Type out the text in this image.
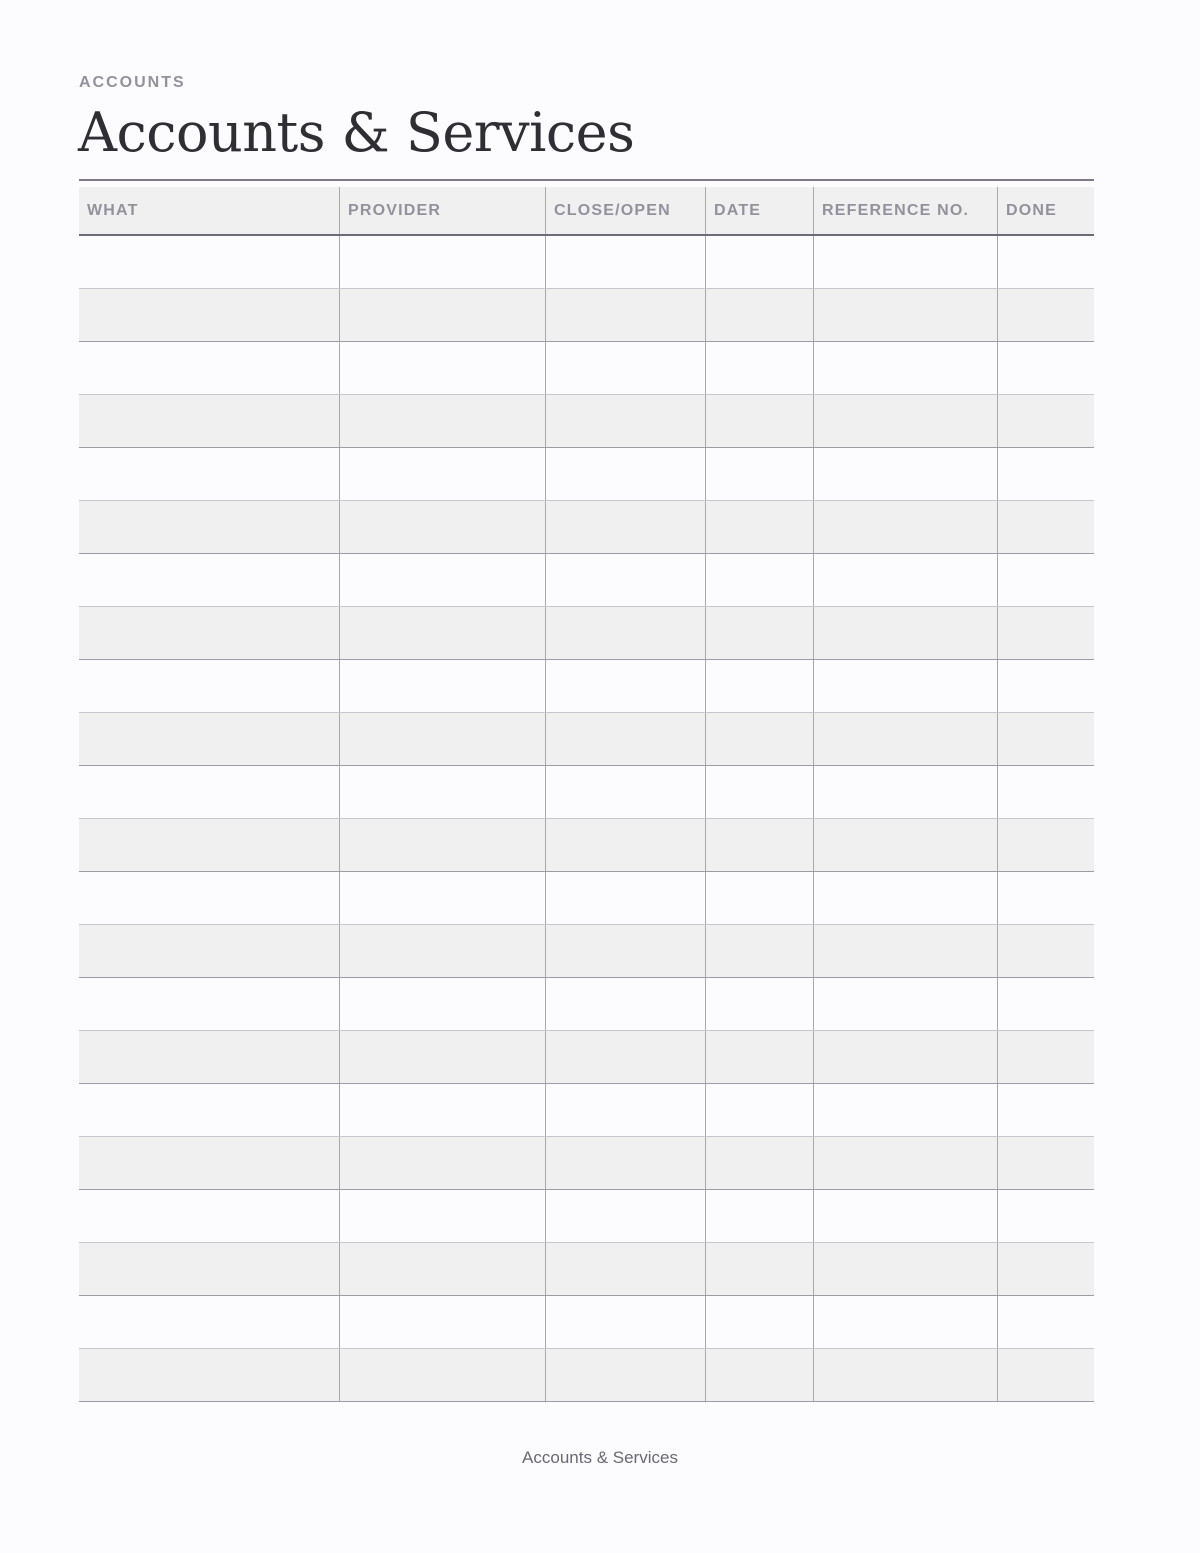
ACCOUNTS
Accounts & Services
WHAT	PROVIDER	CLOSE/OPEN	DATE	REFERENCE NO.	DONE
Accounts & Services
